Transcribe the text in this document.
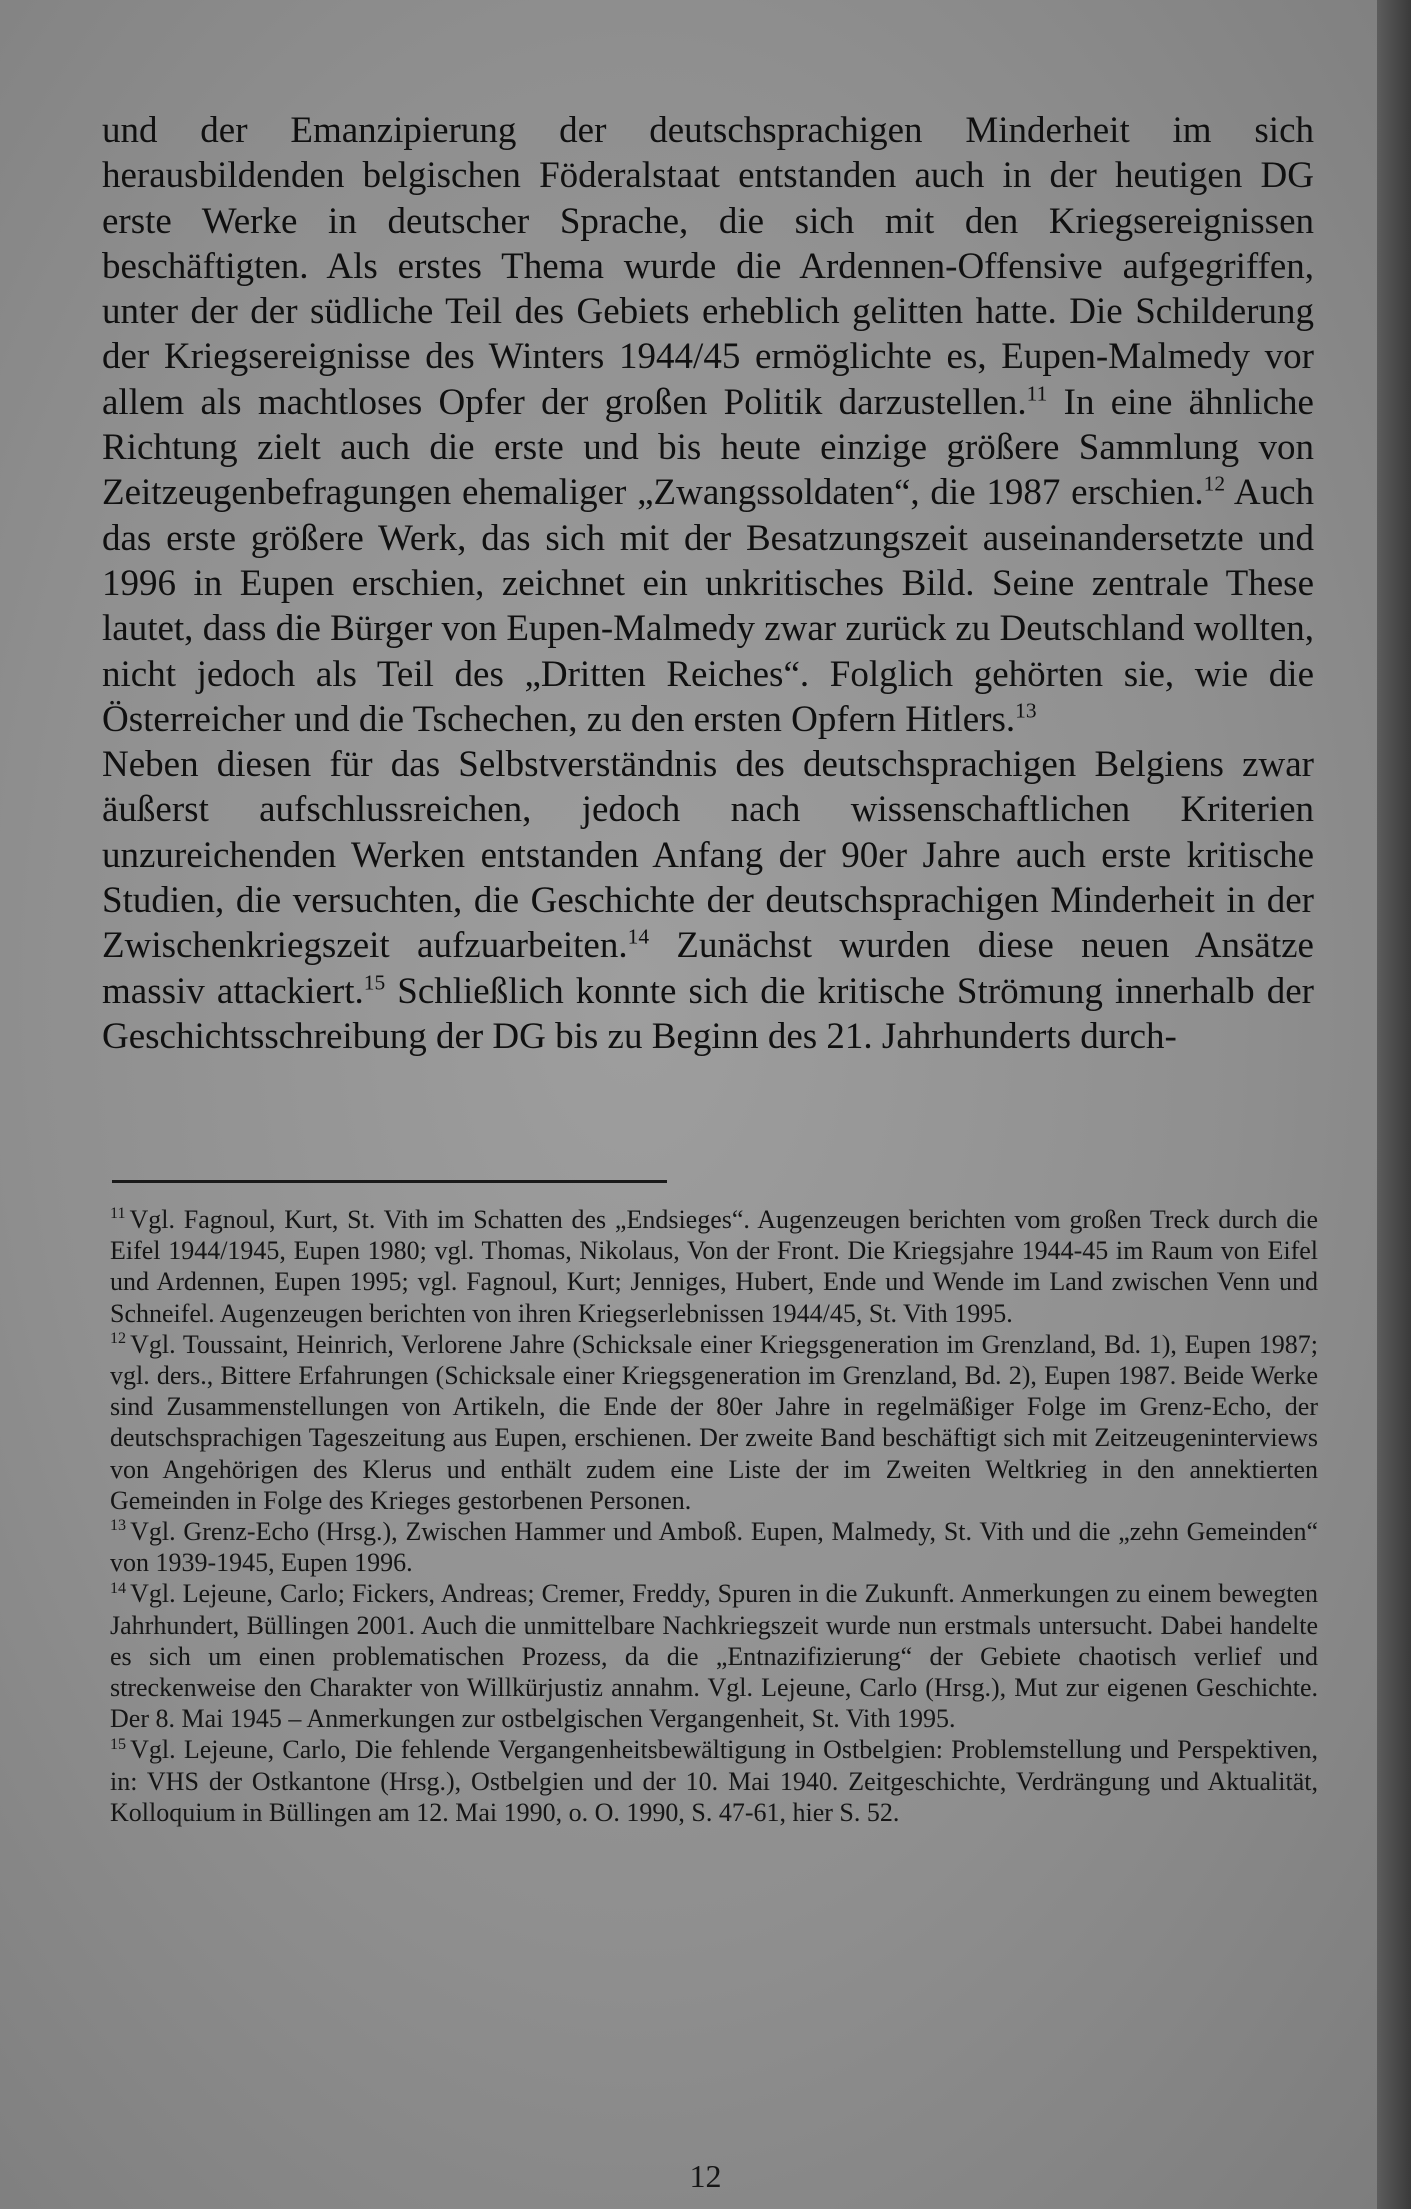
und der Emanzipierung der deutschsprachigen Minderheit im sich herausbildenden belgischen Föderalstaat entstanden auch in der heutigen DG erste Werke in deutscher Sprache, die sich mit den Kriegsereignissen beschäftigten. Als erstes Thema wurde die Ardennen-Offensive aufgegriffen, unter der der südliche Teil des Gebiets erheblich gelitten hatte. Die Schilderung der Kriegsereignisse des Winters 1944/45 ermöglichte es, Eupen-Malmedy vor allem als machtloses Opfer der großen Politik darzustellen.$^{11}$ In eine ähnliche Richtung zielt auch die erste und bis heute einzige größere Sammlung von Zeitzeugenbefragungen ehemaliger „Zwangssoldaten“, die 1987 erschien.$^{12}$ Auch das erste größere Werk, das sich mit der Besatzungszeit auseinandersetzte und 1996 in Eupen erschien, zeichnet ein unkritisches Bild. Seine zentrale These lautet, dass die Bürger von Eupen-Malmedy zwar zurück zu Deutschland wollten, nicht jedoch als Teil des „Dritten Reiches“. Folglich gehörten sie, wie die Österreicher und die Tschechen, zu den ersten Opfern Hitlers.$^{13}$

Neben diesen für das Selbstverständnis des deutschsprachigen Belgiens zwar äußerst aufschlussreichen, jedoch nach wissenschaftlichen Kriterien unzureichenden Werken entstanden Anfang der 90er Jahre auch erste kritische Studien, die versuchten, die Geschichte der deutschsprachigen Minderheit in der Zwischenkriegszeit aufzuarbeiten.$^{14}$ Zunächst wurden diese neuen Ansätze massiv attackiert.$^{15}$ Schließlich konnte sich die kritische Strömung innerhalb der Geschichtsschreibung der DG bis zu Beginn des 21. Jahrhunderts durch-

$^{11}$ Vgl. Fagnoul, Kurt, St. Vith im Schatten des „Endsieges“. Augenzeugen berichten vom großen Treck durch die Eifel 1944/1945, Eupen 1980; vgl. Thomas, Nikolaus, Von der Front. Die Kriegsjahre 1944-45 im Raum von Eifel und Ardennen, Eupen 1995; vgl. Fagnoul, Kurt; Jenniges, Hubert, Ende und Wende im Land zwischen Venn und Schneifel. Augenzeugen berichten von ihren Kriegserlebnissen 1944/45, St. Vith 1995.

$^{12}$ Vgl. Toussaint, Heinrich, Verlorene Jahre (Schicksale einer Kriegsgeneration im Grenzland, Bd. 1), Eupen 1987; vgl. ders., Bittere Erfahrungen (Schicksale einer Kriegsgeneration im Grenzland, Bd. 2), Eupen 1987. Beide Werke sind Zusammenstellungen von Artikeln, die Ende der 80er Jahre in regelmäßiger Folge im Grenz-Echo, der deutschsprachigen Tageszeitung aus Eupen, erschienen. Der zweite Band beschäftigt sich mit Zeitzeugeninterviews von Angehörigen des Klerus und enthält zudem eine Liste der im Zweiten Weltkrieg in den annektierten Gemeinden in Folge des Krieges gestorbenen Personen.

$^{13}$ Vgl. Grenz-Echo (Hrsg.), Zwischen Hammer und Amboß. Eupen, Malmedy, St. Vith und die „zehn Gemeinden“ von 1939-1945, Eupen 1996.

$^{14}$ Vgl. Lejeune, Carlo; Fickers, Andreas; Cremer, Freddy, Spuren in die Zukunft. Anmerkungen zu einem bewegten Jahrhundert, Büllingen 2001. Auch die unmittelbare Nachkriegszeit wurde nun erstmals untersucht. Dabei handelte es sich um einen problematischen Prozess, da die „Entnazifizierung“ der Gebiete chaotisch verlief und streckenweise den Charakter von Willkürjustiz annahm. Vgl. Lejeune, Carlo (Hrsg.), Mut zur eigenen Geschichte. Der 8. Mai 1945 – Anmerkungen zur ostbelgischen Vergangenheit, St. Vith 1995.

$^{15}$ Vgl. Lejeune, Carlo, Die fehlende Vergangenheitsbewältigung in Ostbelgien: Problemstellung und Perspektiven, in: VHS der Ostkantone (Hrsg.), Ostbelgien und der 10. Mai 1940. Zeitgeschichte, Verdrängung und Aktualität, Kolloquium in Büllingen am 12. Mai 1990, o. O. 1990, S. 47-61, hier S. 52.

12
